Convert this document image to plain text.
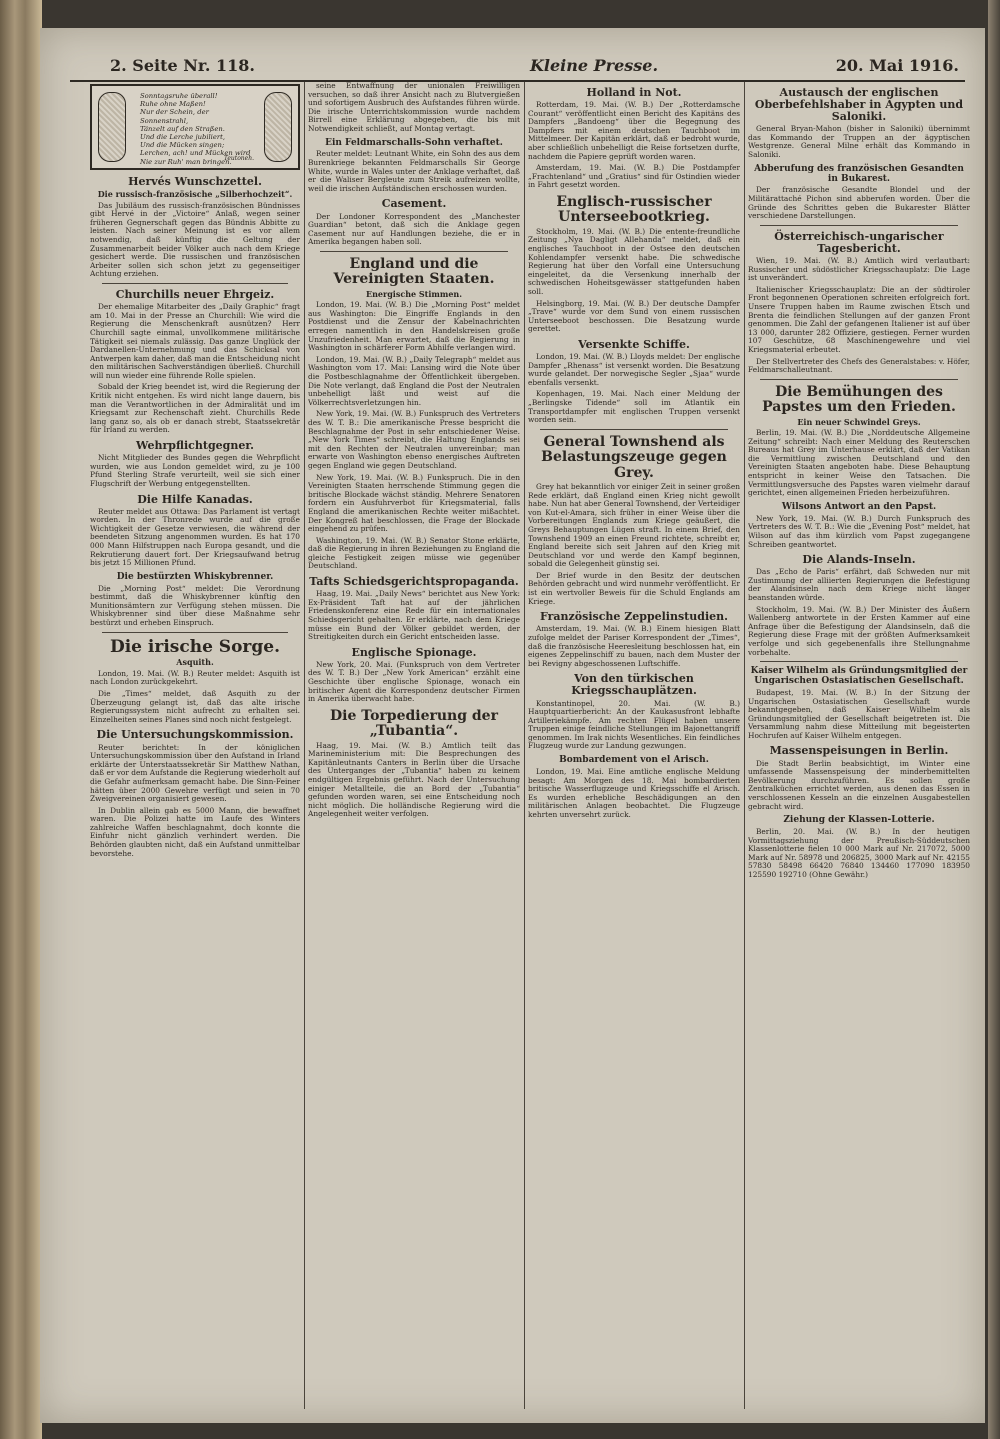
2. Seite Nr. 118.	Kleine Presse.	20. Mai 1916.
Sonntagsruhe überall!
Ruhe ohne Maßen!
Nur der Schein, der Sonnenstrahl,
Tänzelt auf den Straßen.
Und die Lerche jubiliert,
Und die Mücken singen;
Lerchen, ach! und Mücken wird
Nie zur Ruh' man bringen.
Teutoneh.
Hervés Wunschzettel.
Die russisch-französische „Silberhochzeit“.

Das Jubiläum des russisch-französischen Bündnisses gibt Hervé in der „Victoire“ Anlaß, wegen seiner früheren Gegnerschaft gegen das Bündnis Abbitte zu leisten. Nach seiner Meinung ist es vor allem notwendig, daß künftig die Geltung der Zusammenarbeit beider Völker auch nach dem Kriege gesichert werde. Die russischen und französischen Arbeiter sollen sich schon jetzt zu gegenseitiger Achtung erziehen.

Churchills neuer Ehrgeiz.

Der ehemalige Mitarbeiter des „Daily Graphic“ fragt am 10. Mai in der Presse an Churchill: Wie wird die Regierung die Menschenkraft ausnützen? Herr Churchill sagte einmal, unvollkommene militärische Tätigkeit sei niemals zulässig. Das ganze Unglück der Dardanellen-Unternehmung und das Schicksal von Antwerpen kam daher, daß man die Entscheidung nicht den militärischen Sachverständigen überließ. Churchill will nun wieder eine führende Rolle spielen.

Sobald der Krieg beendet ist, wird die Regierung der Kritik nicht entgehen. Es wird nicht lange dauern, bis man die Verantwortlichen in der Admiralität und im Kriegsamt zur Rechenschaft zieht. Churchills Rede lang ganz so, als ob er danach strebt, Staatssekretär für Irland zu werden.

Wehrpflichtgegner.

Nicht Mitglieder des Bundes gegen die Wehrpflicht wurden, wie aus London gemeldet wird, zu je 100 Pfund Sterling Strafe verurteilt, weil sie sich einer Flugschrift der Werbung entgegenstellten.

Die Hilfe Kanadas.

Reuter meldet aus Ottawa: Das Parlament ist vertagt worden. In der Thronrede wurde auf die große Wichtigkeit der Gesetze verwiesen, die während der beendeten Sitzung angenommen wurden. Es hat 170 000 Mann Hilfstruppen nach Europa gesandt, und die Rekrutierung dauert fort. Der Kriegsaufwand betrug bis jetzt 15 Millionen Pfund.

Die bestürzten Whiskybrenner.

Die „Morning Post“ meldet: Die Verordnung bestimmt, daß die Whiskybrenner künftig den Munitionsämtern zur Verfügung stehen müssen. Die Whiskybrenner sind über diese Maßnahme sehr bestürzt und erheben Einspruch.

Die irische Sorge.
Asquith.

London, 19. Mai. (W. B.) Reuter meldet: Asquith ist nach London zurückgekehrt.

Die „Times“ meldet, daß Asquith zu der Überzeugung gelangt ist, daß das alte irische Regierungssystem nicht aufrecht zu erhalten sei. Einzelheiten seines Planes sind noch nicht festgelegt.

Die Untersuchungskommission.

Reuter berichtet: In der königlichen Untersuchungskommission über den Aufstand in Irland erklärte der Unterstaatssekretär Sir Matthew Nathan, daß er vor dem Aufstande die Regierung wiederholt auf die Gefahr aufmerksam gemacht habe. Die Sinn-Feiner hätten über 2000 Gewehre verfügt und seien in 70 Zweigvereinen organisiert gewesen.

In Dublin allein gab es 5000 Mann, die bewaffnet waren. Die Polizei hatte im Laufe des Winters zahlreiche Waffen beschlagnahmt, doch konnte die Einfuhr nicht gänzlich verhindert werden. Die Behörden glaubten nicht, daß ein Aufstand unmittelbar bevorstehe.

seine Entwaffnung der unionalen Freiwilligen versuchen, so daß ihrer Ansicht nach zu Blutvergießen und sofortigem Ausbruch des Aufstandes führen würde. Die irische Unterrichtskommission wurde nachdem Birrell eine Erklärung abgegeben, die bis mit Notwendigkeit schließt, auf Montag vertagt.

Ein Feldmarschalls-Sohn verhaftet.

Reuter meldet: Leutnant White, ein Sohn des aus dem Burenkriege bekannten Feldmarschalls Sir George White, wurde in Wales unter der Anklage verhaftet, daß er die Waliser Bergleute zum Streik aufreizen wollte, weil die irischen Aufständischen erschossen wurden.

Casement.

Der Londoner Korrespondent des „Manchester Guardian“ betont, daß sich die Anklage gegen Casement nur auf Handlungen beziehe, die er in Amerika begangen haben soll.

England und die Vereinigten Staaten.
Energische Stimmen.

London, 19. Mai. (W. B.) Die „Morning Post“ meldet aus Washington: Die Eingriffe Englands in den Postdienst und die Zensur der Kabelnachrichten erregen namentlich in den Handelskreisen große Unzufriedenheit. Man erwartet, daß die Regierung in Washington in schärferer Form Abhilfe verlangen wird.

London, 19. Mai. (W. B.) „Daily Telegraph“ meldet aus Washington vom 17. Mai: Lansing wird die Note über die Postbeschlagnahme der Öffentlichkeit übergeben. Die Note verlangt, daß England die Post der Neutralen unbehelligt läßt und weist auf die Völkerrechtsverletzungen hin.

New York, 19. Mai. (W. B.) Funkspruch des Vertreters des W. T. B.: Die amerikanische Presse bespricht die Beschlagnahme der Post in sehr entschiedener Weise. „New York Times“ schreibt, die Haltung Englands sei mit den Rechten der Neutralen unvereinbar; man erwarte von Washington ebenso energisches Auftreten gegen England wie gegen Deutschland.

New York, 19. Mai. (W. B.) Funkspruch. Die in den Vereinigten Staaten herrschende Stimmung gegen die britische Blockade wächst ständig. Mehrere Senatoren fordern ein Ausfuhrverbot für Kriegsmaterial, falls England die amerikanischen Rechte weiter mißachtet. Der Kongreß hat beschlossen, die Frage der Blockade eingehend zu prüfen.

Washington, 19. Mai. (W. B.) Senator Stone erklärte, daß die Regierung in ihren Beziehungen zu England die gleiche Festigkeit zeigen müsse wie gegenüber Deutschland.

Tafts Schiedsgerichtspropaganda.

Haag, 19. Mai. „Daily News“ berichtet aus New York: Ex-Präsident Taft hat auf der jährlichen Friedenskonferenz eine Rede für ein internationales Schiedsgericht gehalten. Er erklärte, nach dem Kriege müsse ein Bund der Völker gebildet werden, der Streitigkeiten durch ein Gericht entscheiden lasse.

Englische Spionage.

New York, 20. Mai. (Funkspruch von dem Vertreter des W. T. B.) Der „New York American“ erzählt eine Geschichte über englische Spionage, wonach ein britischer Agent die Korrespondenz deutscher Firmen in Amerika überwacht habe.

Die Torpedierung der „Tubantia“.

Haag, 19. Mai. (W. B.) Amtlich teilt das Marineministerium mit: Die Besprechungen des Kapitänleutnants Canters in Berlin über die Ursache des Unterganges der „Tubantia“ haben zu keinem endgültigen Ergebnis geführt. Nach der Untersuchung einiger Metallteile, die an Bord der „Tubantia“ gefunden worden waren, sei eine Entscheidung noch nicht möglich. Die holländische Regierung wird die Angelegenheit weiter verfolgen.

Holland in Not.

Rotterdam, 19. Mai. (W. B.) Der „Rotterdamsche Courant“ veröffentlicht einen Bericht des Kapitäns des Dampfers „Bandoeng“ über die Begegnung des Dampfers mit einem deutschen Tauchboot im Mittelmeer. Der Kapitän erklärt, daß er bedroht wurde, aber schließlich unbehelligt die Reise fortsetzen durfte, nachdem die Papiere geprüft worden waren.

Amsterdam, 19. Mai. (W. B.) Die Postdampfer „Frachtenland“ und „Gratius“ sind für Ostindien wieder in Fahrt gesetzt worden.

Englisch-russischer Unterseebootkrieg.

Stockholm, 19. Mai. (W. B.) Die entente-freundliche Zeitung „Nya Dagligt Allehanda“ meldet, daß ein englisches Tauchboot in der Ostsee den deutschen Kohlendampfer versenkt habe. Die schwedische Regierung hat über den Vorfall eine Untersuchung eingeleitet, da die Versenkung innerhalb der schwedischen Hoheitsgewässer stattgefunden haben soll.

Helsingborg, 19. Mai. (W. B.) Der deutsche Dampfer „Trave“ wurde vor dem Sund von einem russischen Unterseeboot beschossen. Die Besatzung wurde gerettet.

Versenkte Schiffe.

London, 19. Mai. (W. B.) Lloyds meldet: Der englische Dampfer „Rhenass“ ist versenkt worden. Die Besatzung wurde gelandet. Der norwegische Segler „Sjaa“ wurde ebenfalls versenkt.

Kopenhagen, 19. Mai. Nach einer Meldung der „Berlingske Tidende“ soll im Atlantik ein Transportdampfer mit englischen Truppen versenkt worden sein.

General Townshend als Belastungszeuge gegen Grey.

Grey hat bekanntlich vor einiger Zeit in seiner großen Rede erklärt, daß England einen Krieg nicht gewollt habe. Nun hat aber General Townshend, der Verteidiger von Kut-el-Amara, sich früher in einer Weise über die Vorbereitungen Englands zum Kriege geäußert, die Greys Behauptungen Lügen straft. In einem Brief, den Townshend 1909 an einen Freund richtete, schreibt er, England bereite sich seit Jahren auf den Krieg mit Deutschland vor und werde den Kampf beginnen, sobald die Gelegenheit günstig sei.

Der Brief wurde in den Besitz der deutschen Behörden gebracht und wird nunmehr veröffentlicht. Er ist ein wertvoller Beweis für die Schuld Englands am Kriege.

Französische Zeppelinstudien.

Amsterdam, 19. Mai. (W. B.) Einem hiesigen Blatt zufolge meldet der Pariser Korrespondent der „Times“, daß die französische Heeresleitung beschlossen hat, ein eigenes Zeppelinschiff zu bauen, nach dem Muster der bei Revigny abgeschossenen Luftschiffe.

Von den türkischen Kriegsschauplätzen.

Konstantinopel, 20. Mai. (W. B.) Hauptquartierbericht: An der Kaukasusfront lebhafte Artilleriekämpfe. Am rechten Flügel haben unsere Truppen einige feindliche Stellungen im Bajonettangriff genommen. Im Irak nichts Wesentliches. Ein feindliches Flugzeug wurde zur Landung gezwungen.

Bombardement von el Arisch.

London, 19. Mai. Eine amtliche englische Meldung besagt: Am Morgen des 18. Mai bombardierten britische Wasserflugzeuge und Kriegsschiffe el Arisch. Es wurden erhebliche Beschädigungen an den militärischen Anlagen beobachtet. Die Flugzeuge kehrten unversehrt zurück.

Austausch der englischen Oberbefehlshaber in Ägypten und Saloniki.

General Bryan-Mahon (bisher in Saloniki) übernimmt das Kommando der Truppen an der ägyptischen Westgrenze. General Milne erhält das Kommando in Saloniki.

Abberufung des französischen Gesandten in Bukarest.

Der französische Gesandte Blondel und der Militärattaché Pichon sind abberufen worden. Über die Gründe des Schrittes geben die Bukarester Blätter verschiedene Darstellungen.

Österreichisch-ungarischer Tagesbericht.

Wien, 19. Mai. (W. B.) Amtlich wird verlautbart: Russischer und südöstlicher Kriegsschauplatz: Die Lage ist unverändert.

Italienischer Kriegsschauplatz: Die an der südtiroler Front begonnenen Operationen schreiten erfolgreich fort. Unsere Truppen haben im Raume zwischen Etsch und Brenta die feindlichen Stellungen auf der ganzen Front genommen. Die Zahl der gefangenen Italiener ist auf über 13 000, darunter 282 Offiziere, gestiegen. Ferner wurden 107 Geschütze, 68 Maschinengewehre und viel Kriegsmaterial erbeutet.

Der Stellvertreter des Chefs des Generalstabes: v. Höfer, Feldmarschalleutnant.

Die Bemühungen des Papstes um den Frieden.
Ein neuer Schwindel Greys.

Berlin, 19. Mai. (W. B.) Die „Norddeutsche Allgemeine Zeitung“ schreibt: Nach einer Meldung des Reuterschen Bureaus hat Grey im Unterhause erklärt, daß der Vatikan die Vermittlung zwischen Deutschland und den Vereinigten Staaten angeboten habe. Diese Behauptung entspricht in keiner Weise den Tatsachen. Die Vermittlungsversuche des Papstes waren vielmehr darauf gerichtet, einen allgemeinen Frieden herbeizuführen.

Wilsons Antwort an den Papst.

New York, 19. Mai. (W. B.) Durch Funkspruch des Vertreters des W. T. B.: Wie die „Evening Post“ meldet, hat Wilson auf das ihm kürzlich vom Papst zugegangene Schreiben geantwortet.

Die Alands-Inseln.

Das „Echo de Paris“ erfährt, daß Schweden nur mit Zustimmung der alliierten Regierungen die Befestigung der Alandsinseln nach dem Kriege nicht länger beanstanden würde.

Stockholm, 19. Mai. (W. B.) Der Minister des Äußern Wallenberg antwortete in der Ersten Kammer auf eine Anfrage über die Befestigung der Alandsinseln, daß die Regierung diese Frage mit der größten Aufmerksamkeit verfolge und sich gegebenenfalls ihre Stellungnahme vorbehalte.

Kaiser Wilhelm als Gründungsmitglied der Ungarischen Ostasiatischen Gesellschaft.

Budapest, 19. Mai. (W. B.) In der Sitzung der Ungarischen Ostasiatischen Gesellschaft wurde bekanntgegeben, daß Kaiser Wilhelm als Gründungsmitglied der Gesellschaft beigetreten ist. Die Versammlung nahm diese Mitteilung mit begeisterten Hochrufen auf Kaiser Wilhelm entgegen.

Massenspeisungen in Berlin.

Die Stadt Berlin beabsichtigt, im Winter eine umfassende Massenspeisung der minderbemittelten Bevölkerung durchzuführen. Es sollen große Zentralküchen errichtet werden, aus denen das Essen in verschlossenen Kesseln an die einzelnen Ausgabestellen gebracht wird.

Ziehung der Klassen-Lotterie.

Berlin, 20. Mai. (W. B.) In der heutigen Vormittagsziehung der Preußisch-Süddeutschen Klassenlotterie fielen 10 000 Mark auf Nr. 217072, 5000 Mark auf Nr. 58978 und 206825, 3000 Mark auf Nr. 42155 57830 58498 66420 76840 134460 177090 183950 125590 192710 (Ohne Gewähr.)
